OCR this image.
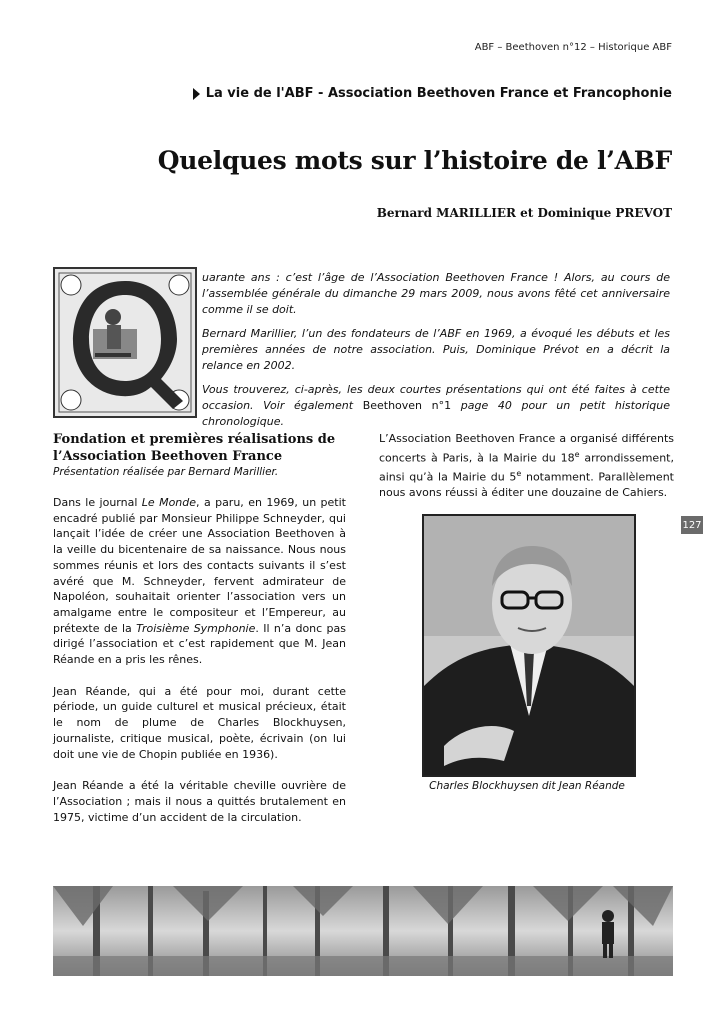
ABF – Beethoven n°12 – Historique ABF
La vie de l'ABF - Association Beethoven France et Francophonie
Quelques mots sur l’histoire de l’ABF
Bernard MARILLIER et Dominique PREVOT

uarante ans : c’est l’âge de l’Association Beethoven France ! Alors, au cours de l’assemblée générale du dimanche 29 mars 2009, nous avons fêté cet anniversaire comme il se doit.

Bernard Marillier, l’un des fondateurs de l’ABF en 1969, a évoqué les débuts et les premières années de notre association. Puis, Dominique Prévot en a décrit la relance en 2002.

Vous trouverez, ci-après, les deux courtes présentations qui ont été faites à cette occasion. Voir également Beethoven n°1 page 40 pour un petit historique chronologique.

Fondation et premières réalisations de l’Association Beethoven France
Présentation réalisée par Bernard Marillier.

Dans le journal Le Monde, a paru, en 1969, un petit encadré publié par Monsieur Philippe Schneyder, qui lançait l’idée de créer une Association Beethoven à la veille du bicentenaire de sa naissance. Nous nous sommes réunis et lors des contacts suivants il s’est avéré que M. Schneyder, fervent admirateur de Napoléon, souhaitait orienter l’association vers un amalgame entre le compositeur et l’Empereur, au prétexte de la Troisième Symphonie. Il n’a donc pas dirigé l’association et c’est rapidement que M. Jean Réande en a pris les rênes.

Jean Réande, qui a été pour moi, durant cette période, un guide culturel et musical précieux, était le nom de plume de Charles Blockhuysen, journaliste, critique musical, poète, écrivain (on lui doit une vie de Chopin publiée en 1936).

Jean Réande a été la véritable cheville ouvrière de l’Association ; mais il nous a quittés brutalement en 1975, victime d’un accident de la circulation.

L’Association Beethoven France a organisé différents concerts à Paris, à la Mairie du 18e arrondissement, ainsi qu’à la Mairie du 5e notamment. Parallèlement nous avons réussi à éditer une douzaine de Cahiers.

Charles Blockhuysen dit Jean Réande
127
